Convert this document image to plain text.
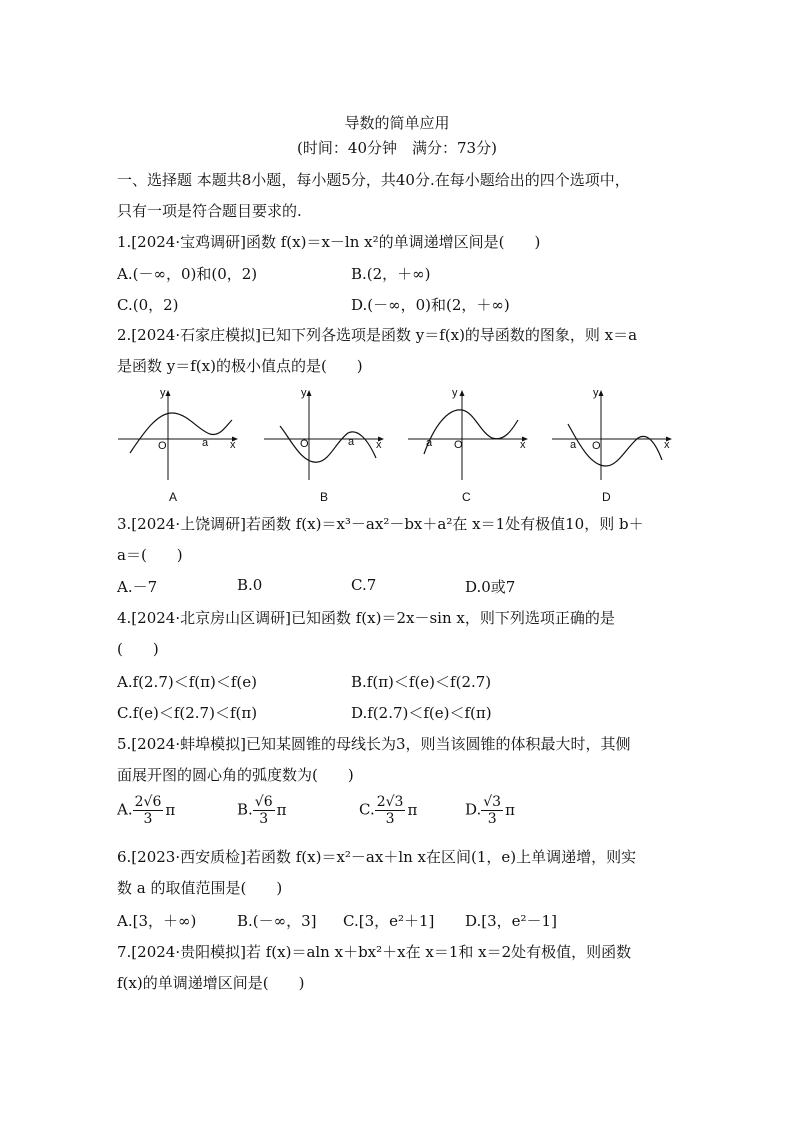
导数的简单应用
(时间：40分钟　满分：73分)
一、选择题 本题共8小题，每小题5分，共40分.在每小题给出的四个选项中，
只有一项是符合题目要求的.
1.[2024·宝鸡调研]函数 f(x)＝x－ln x²的单调递增区间是(　　)
A.(－∞，0)和(0，2)	B.(2，＋∞)
C.(0，2)	D.(－∞，0)和(2，＋∞)
2.[2024·石家庄模拟]已知下列各选项是函数 y＝f(x)的导函数的图象，则 x＝a
是函数 y＝f(x)的极小值点的是(　　)
y
x
O	a
A
y
x
O	a
B
y
x
O
a
C
y
x
O
a
D
3.[2024·上饶调研]若函数 f(x)＝x³－ax²－bx＋a²在 x＝1处有极值10，则 b＋
a＝(　　)
A.－7	B.0	C.7	D.0或7
4.[2024·北京房山区调研]已知函数 f(x)＝2x－sin x，则下列选项正确的是
(　　)
A.f(2.7)＜f(π)＜f(e)	B.f(π)＜f(e)＜f(2.7)
C.f(e)＜f(2.7)＜f(π)	D.f(2.7)＜f(e)＜f(π)
5.[2024·蚌埠模拟]已知某圆锥的母线长为3，则当该圆锥的体积最大时，其侧
面展开图的圆心角的弧度数为(　　)
A. $\frac{2√6}{3}$ π	B. $\frac{√6}{3}$ π	C. $\frac{2√3}{3}$ π	D. $\frac{√3}{3}$ π
6.[2023·西安质检]若函数 f(x)＝x²－ax＋ln x在区间(1，e)上单调递增，则实
数 a 的取值范围是(　　)
A.[3，＋∞)	B.(－∞，3] C.[3，e²＋1] D.[3，e²－1]
7.[2024·贵阳模拟]若 f(x)＝aln x＋bx²＋x在 x＝1和 x＝2处有极值，则函数
f(x)的单调递增区间是(　　)
